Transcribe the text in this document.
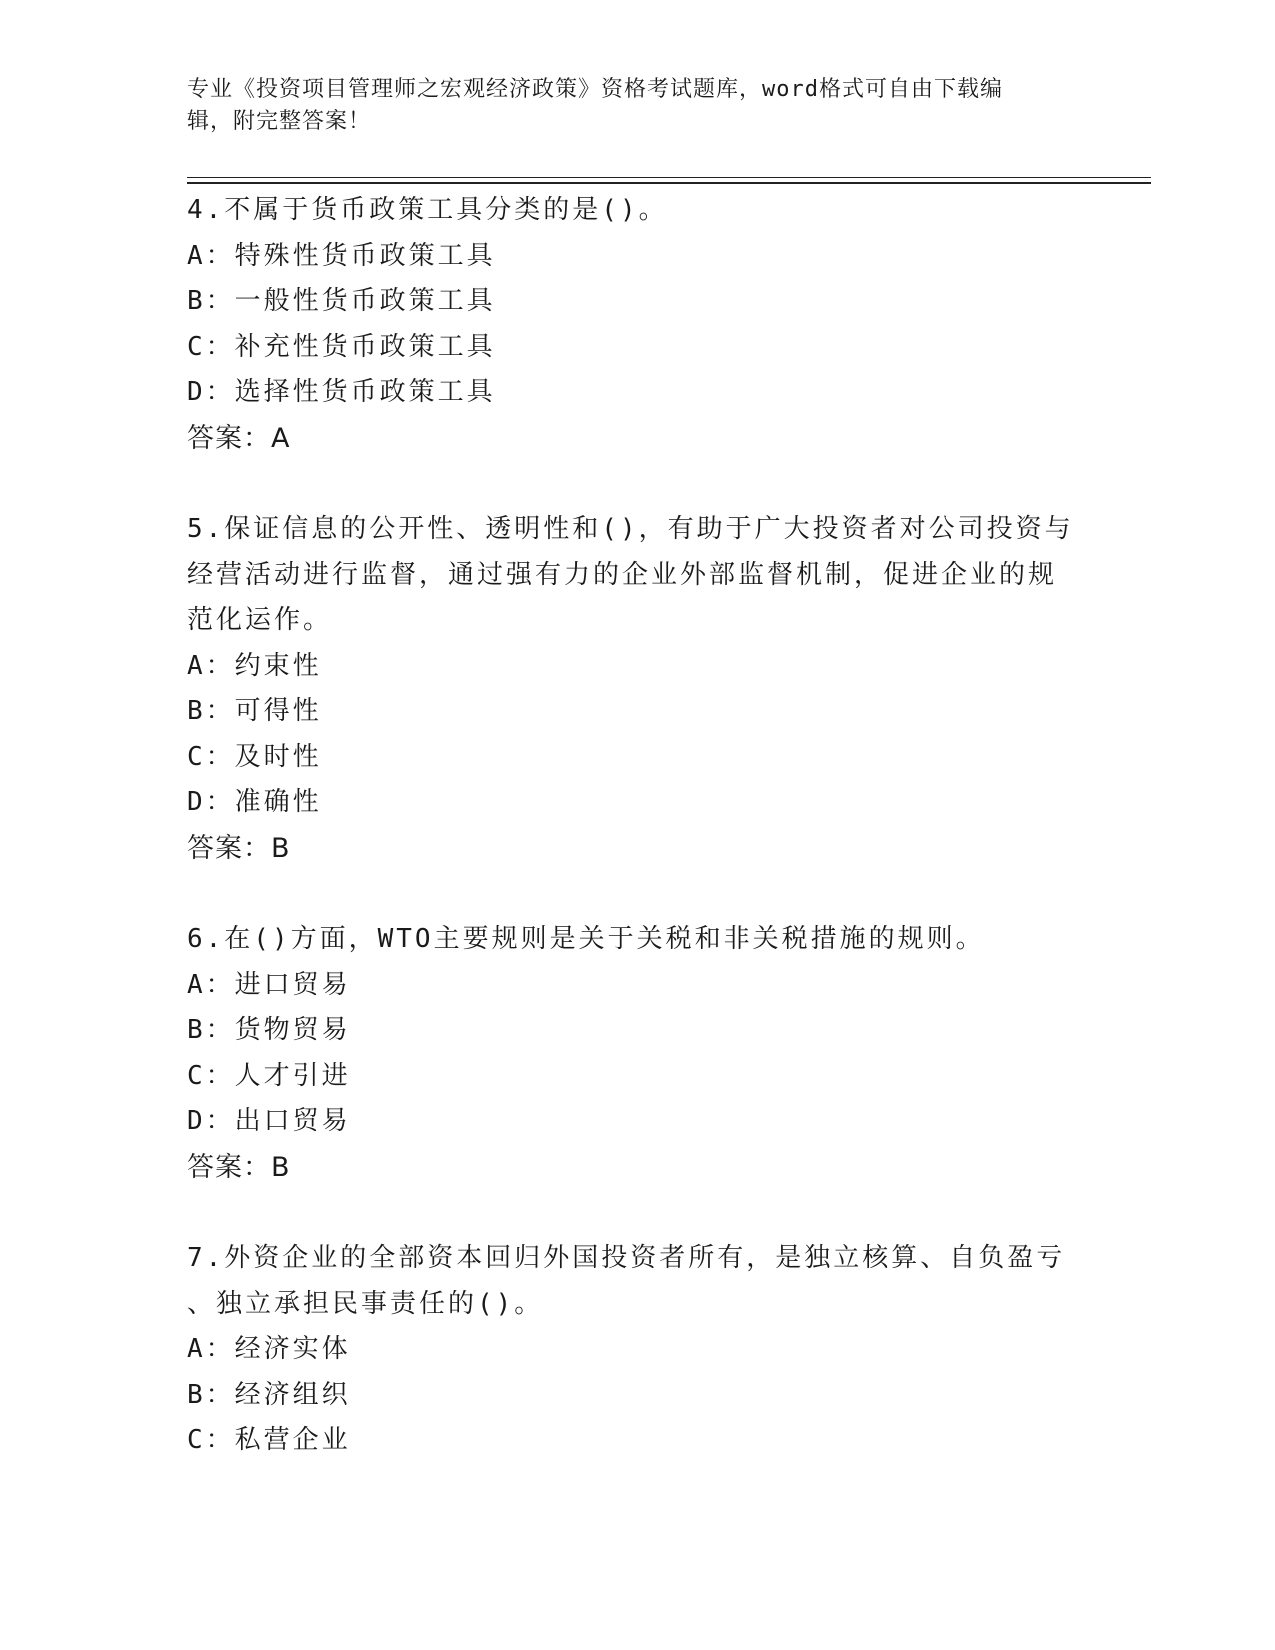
专业《投资项目管理师之宏观经济政策》资格考试题库，word格式可自由下载编
辑，附完整答案！

4.不属于货币政策工具分类的是()。

A：特殊性货币政策工具

B：一般性货币政策工具

C：补充性货币政策工具

D：选择性货币政策工具

答案：A

5.保证信息的公开性、透明性和()，有助于广大投资者对公司投资与

经营活动进行监督，通过强有力的企业外部监督机制，促进企业的规

范化运作。

A：约束性

B：可得性

C：及时性

D：准确性

答案：B

6.在()方面，WTO主要规则是关于关税和非关税措施的规则。

A：进口贸易

B：货物贸易

C：人才引进

D：出口贸易

答案：B

7.外资企业的全部资本回归外国投资者所有，是独立核算、自负盈亏

、独立承担民事责任的()。

A：经济实体

B：经济组织

C：私营企业
